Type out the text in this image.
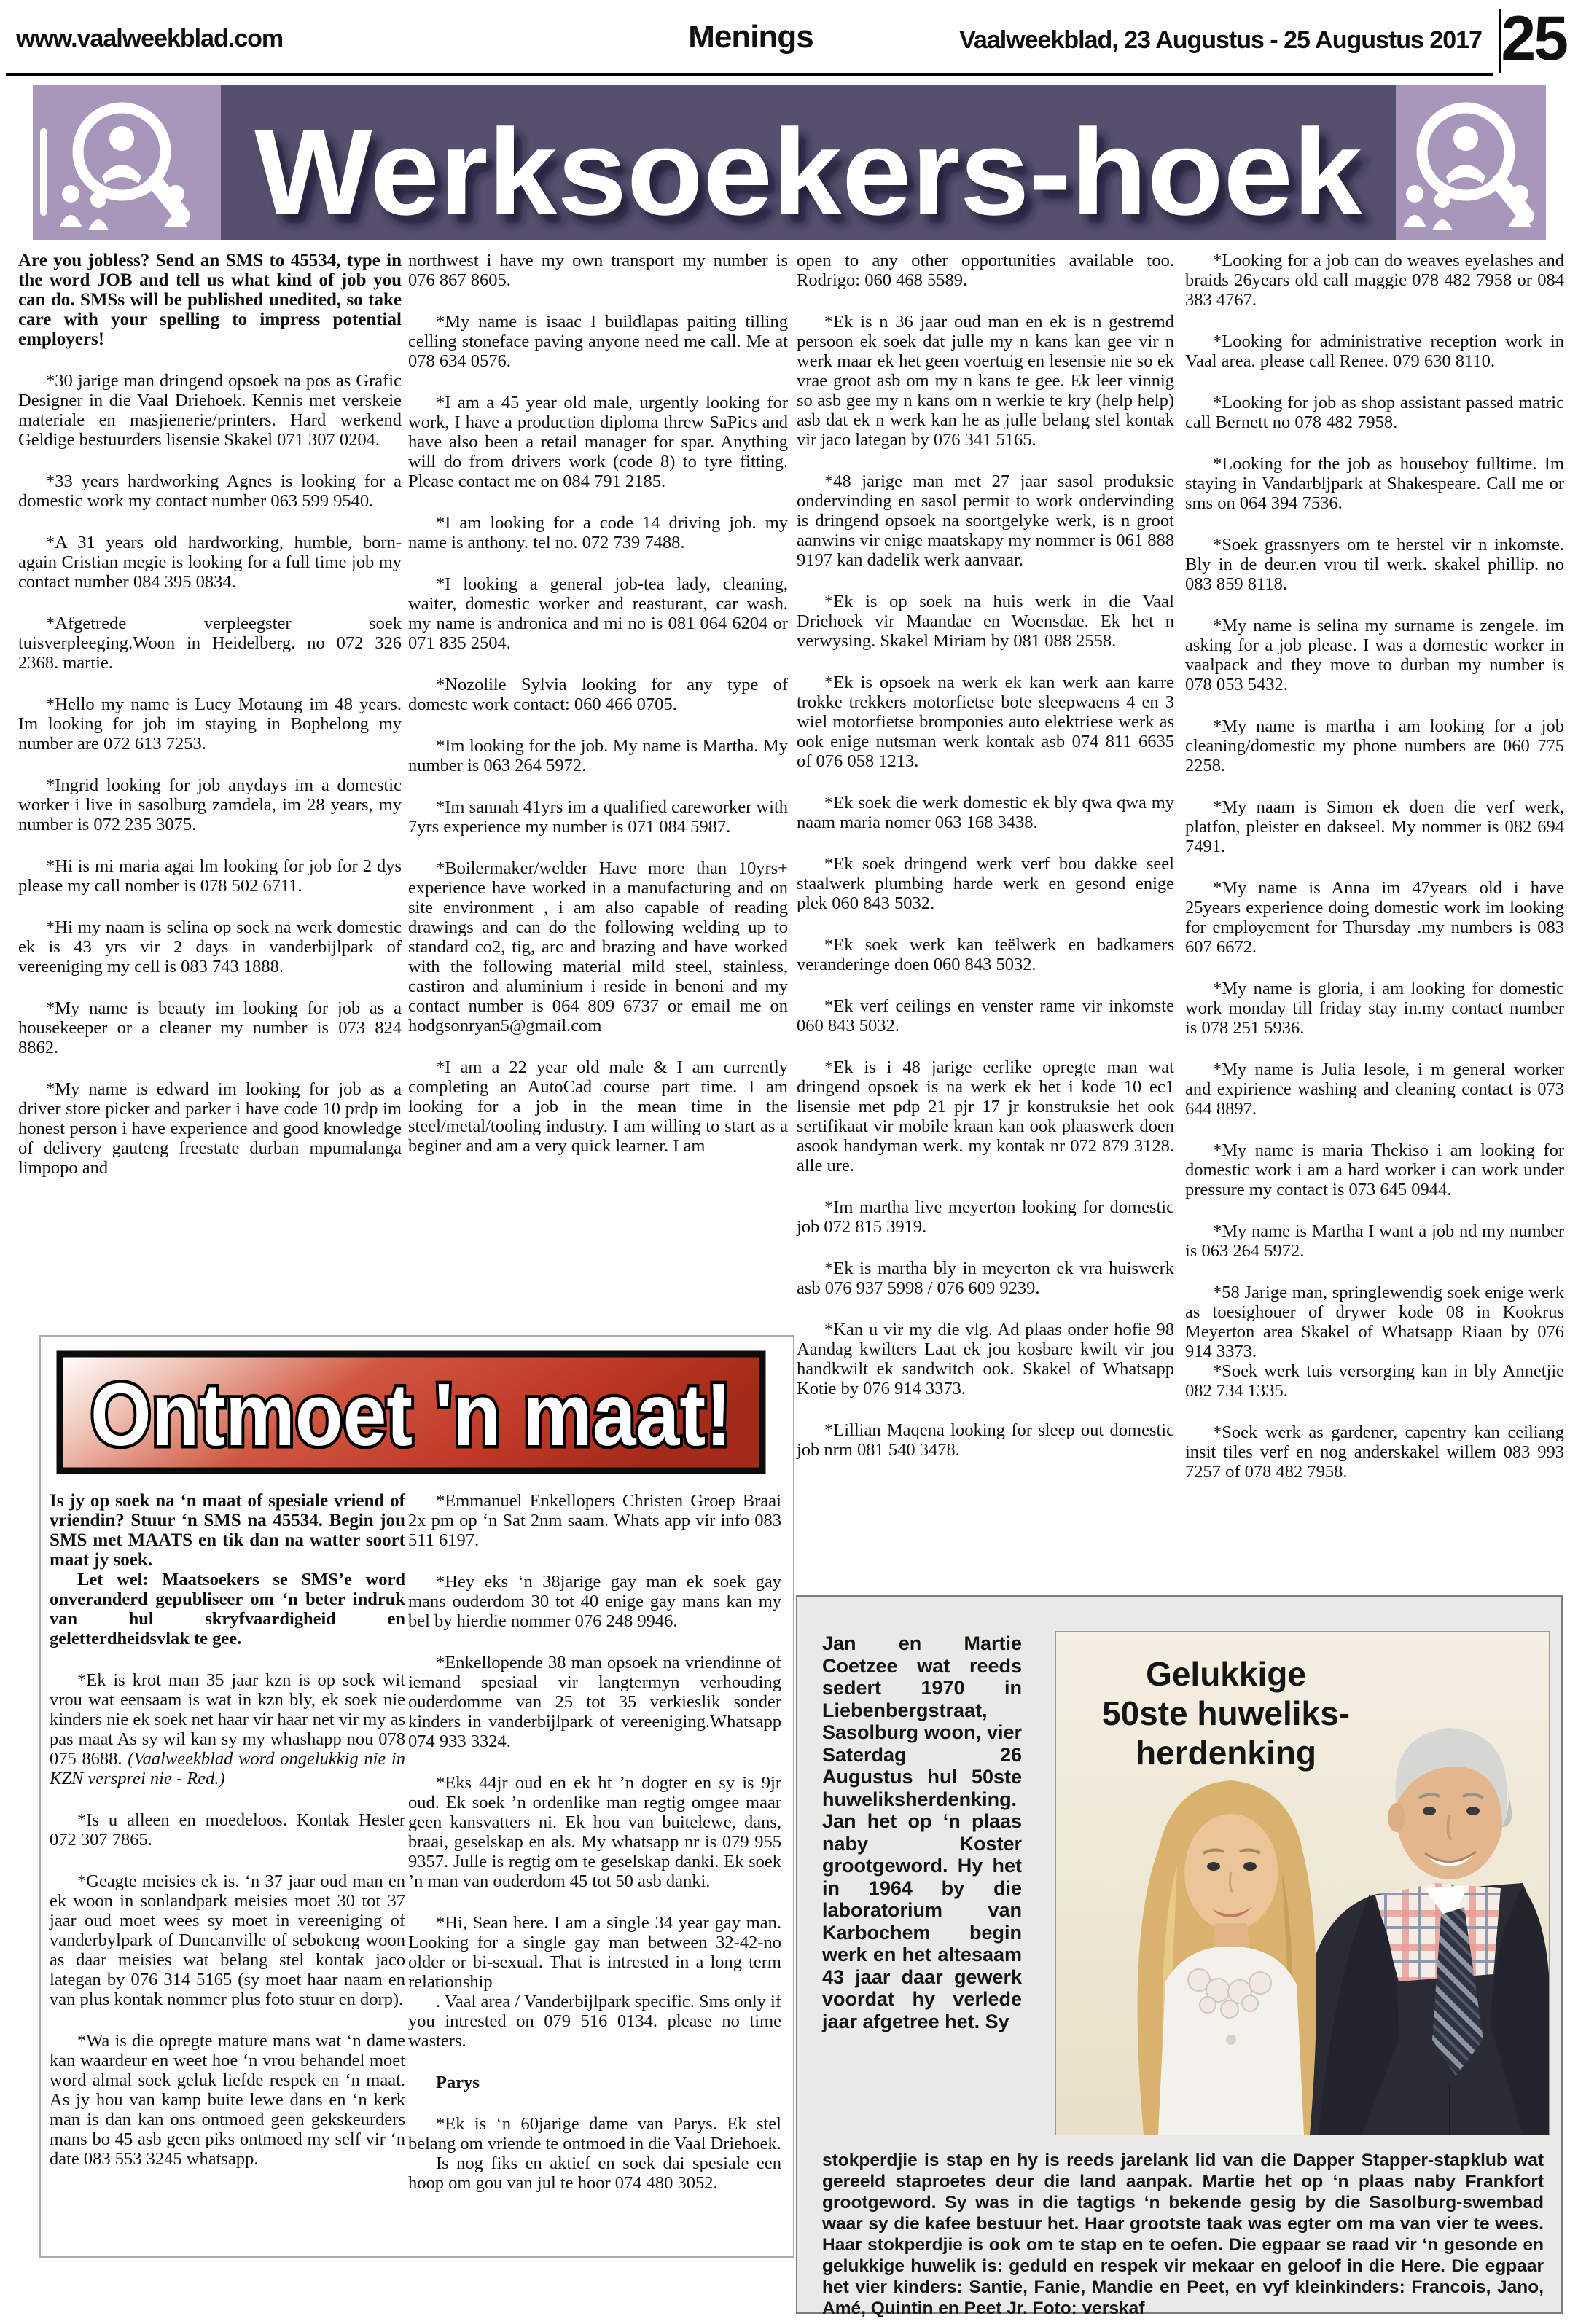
Menings
www.vaalweekblad.com	Vaalweekblad, 23 Augustus - 25 Augustus 2017 25
Werksoekers-hoek

Are you jobless? Send an SMS to 45534, type in the word JOB and tell us what kind of job you can do. SMSs will be published unedited, so take care with your spelling to impress potential employers!

*30 jarige man dringend opsoek na pos as Grafic Designer in die Vaal Driehoek. Kennis met verskeie materiale en masjienerie/printers. Hard werkend Geldige bestuurders lisensie Skakel 071 307 0204.

*33 years hardworking Agnes is looking for a domestic work my contact number 063 599 9540.

*A 31 years old hardworking, humble, born-again Cristian megie is looking for a full time job my contact number 084 395 0834.

*Afgetrede verpleegster soek tuisverpleeging.Woon in Heidelberg. no 072 326 2368. martie.

*Hello my name is Lucy Motaung im 48 years. Im looking for job im staying in Bophelong my number are 072 613 7253.

*Ingrid looking for job anydays im a domestic worker i live in sasolburg zamdela, im 28 years, my number is 072 235 3075.

*Hi is mi maria agai lm looking for job for 2 dys please my call nomber is 078 502 6711.

*Hi my naam is selina op soek na werk domestic ek is 43 yrs vir 2 days in vanderbijlpark of vereeniging my cell is 083 743 1888.

*My name is beauty im looking for job as a housekeeper or a cleaner my number is 073 824 8862.

*My name is edward im looking for job as a driver store picker and parker i have code 10 prdp im honest person i have experience and good knowledge of delivery gauteng freestate durban mpumalanga limpopo and

northwest i have my own transport my number is 076 867 8605.

*My name is isaac I buildlapas paiting tilling celling stoneface paving anyone need me call. Me at 078 634 0576.

*I am a 45 year old male, urgently looking for work, I have a production diploma threw SaPics and have also been a retail manager for spar. Anything will do from drivers work (code 8) to tyre fitting. Please contact me on 084 791 2185.

*I am looking for a code 14 driving job. my name is anthony. tel no. 072 739 7488.

*I looking a general job-tea lady, cleaning, waiter, domestic worker and reasturant, car wash. my name is andronica and mi no is 081 064 6204 or 071 835 2504.

*Nozolile Sylvia looking for any type of domestc work contact: 060 466 0705.

*Im looking for the job. My name is Martha. My number is 063 264 5972.

*Im sannah 41yrs im a qualified careworker with 7yrs experience my number is 071 084 5987.

*Boilermaker/welder Have more than 10yrs+ experience have worked in a manufacturing and on site environment , i am also capable of reading drawings and can do the following welding up to standard co2, tig, arc and brazing and have worked with the following material mild steel, stainless, castiron and aluminium i reside in benoni and my contact number is 064 809 6737 or email me on hodgsonryan5@gmail.com

*I am a 22 year old male & I am currently completing an AutoCad course part time. I am looking for a job in the mean time in the steel/metal/tooling industry. I am willing to start as a beginer and am a very quick learner. I am

open to any other opportunities available too. Rodrigo: 060 468 5589.

*Ek is n 36 jaar oud man en ek is n gestremd persoon ek soek dat julle my n kans kan gee vir n werk maar ek het geen voertuig en lesensie nie so ek vrae groot asb om my n kans te gee. Ek leer vinnig so asb gee my n kans om n werkie te kry (help help) asb dat ek n werk kan he as julle belang stel kontak vir jaco lategan by 076 341 5165.

*48 jarige man met 27 jaar sasol produksie ondervinding en sasol permit to work ondervinding is dringend opsoek na soortgelyke werk, is n groot aanwins vir enige maatskapy my nommer is 061 888 9197 kan dadelik werk aanvaar.

*Ek is op soek na huis werk in die Vaal Driehoek vir Maandae en Woensdae. Ek het n verwysing. Skakel Miriam by 081 088 2558.

*Ek is opsoek na werk ek kan werk aan karre trokke trekkers motorfietse bote sleepwaens 4 en 3 wiel motorfietse bromponies auto elektriese werk as ook enige nutsman werk kontak asb 074 811 6635 of 076 058 1213.

*Ek soek die werk domestic ek bly qwa qwa my naam maria nomer 063 168 3438.

*Ek soek dringend werk verf bou dakke seel staalwerk plumbing harde werk en gesond enige plek 060 843 5032.

*Ek soek werk kan teëlwerk en badkamers veranderinge doen 060 843 5032.

*Ek verf ceilings en venster rame vir inkomste 060 843 5032.

*Ek is i 48 jarige eerlike opregte man wat dringend opsoek is na werk ek het i kode 10 ec1 lisensie met pdp 21 pjr 17 jr konstruksie het ook sertifikaat vir mobile kraan kan ook plaaswerk doen asook handyman werk. my kontak nr 072 879 3128. alle ure.

*Im martha live meyerton looking for domestic job 072 815 3919.

*Ek is martha bly in meyerton ek vra huiswerk asb 076 937 5998 / 076 609 9239.

*Kan u vir my die vlg. Ad plaas onder hofie 98 Aandag kwilters Laat ek jou kosbare kwilt vir jou handkwilt ek sandwitch ook. Skakel of Whatsapp Kotie by 076 914 3373.

*Lillian Maqena looking for sleep out domestic job nrm 081 540 3478.

*Looking for a job can do weaves eyelashes and braids 26years old call maggie 078 482 7958 or 084 383 4767.

*Looking for administrative reception work in Vaal area. please call Renee. 079 630 8110.

*Looking for job as shop assistant passed matric call Bernett no 078 482 7958.

*Looking for the job as houseboy fulltime. Im staying in Vandarbljpark at Shakespeare. Call me or sms on 064 394 7536.

*Soek grassnyers om te herstel vir n inkomste. Bly in de deur.en vrou til werk. skakel phillip. no 083 859 8118.

*My name is selina my surname is zengele. im asking for a job please. I was a domestic worker in vaalpack and they move to durban my number is 078 053 5432.

*My name is martha i am looking for a job cleaning/domestic my phone numbers are 060 775 2258.

*My naam is Simon ek doen die verf werk, platfon, pleister en dakseel. My nommer is 082 694 7491.

*My name is Anna im 47years old i have 25years experience doing domestic work im looking for employement for Thursday .my numbers is 083 607 6672.

*My name is gloria, i am looking for domestic work monday till friday stay in.my contact number is 078 251 5936.

*My name is Julia lesole, i m general worker and expirience washing and cleaning contact is 073 644 8897.

*My name is maria Thekiso i am looking for domestic work i am a hard worker i can work under pressure my contact is 073 645 0944.

*My name is Martha I want a job nd my number is 063 264 5972.

*58 Jarige man, springlewendig soek enige werk as toesighouer of drywer kode 08 in Kookrus Meyerton area Skakel of Whatsapp Riaan by 076 914 3373.

*Soek werk tuis versorging kan in bly Annetjie 082 734 1335.

*Soek werk as gardener, capentry kan ceiliang insit tiles verf en nog anderskakel willem 083 993 7257 of 078 482 7958.

Ontmoet 'n maat!

Is jy op soek na ‘n maat of spesiale vriend of vriendin? Stuur ‘n SMS na 45534. Begin jou SMS met MAATS en tik dan na watter soort maat jy soek.

Let wel: Maatsoekers se SMS’e word onveranderd gepubliseer om ‘n beter indruk van hul skryfvaardigheid en geletterdheidsvlak te gee.

*Ek is krot man 35 jaar kzn is op soek wit vrou wat eensaam is wat in kzn bly, ek soek nie kinders nie ek soek net haar vir haar net vir my as pas maat As sy wil kan sy my whashapp nou 078 075 8688. (Vaalweekblad word ongelukkig nie in KZN versprei nie - Red.)

*Is u alleen en moedeloos. Kontak Hester 072 307 7865.

*Geagte meisies ek is. ‘n 37 jaar oud man en ek woon in sonlandpark meisies moet 30 tot 37 jaar oud moet wees sy moet in vereeniging of vanderbylpark of Duncanville of sebokeng woon as daar meisies wat belang stel kontak jaco lategan by 076 314 5165 (sy moet haar naam en van plus kontak nommer plus foto stuur en dorp).

*Wa is die opregte mature mans wat ‘n dame kan waardeur en weet hoe ‘n vrou behandel moet word almal soek geluk liefde respek en ‘n maat. As jy hou van kamp buite lewe dans en ‘n kerk man is dan kan ons ontmoed geen gekskeurders mans bo 45 asb geen piks ontmoed my self vir ‘n date 083 553 3245 whatsapp.

*Emmanuel Enkellopers Christen Groep Braai 2x pm op ‘n Sat 2nm saam. Whats app vir info 083 511 6197.

*Hey eks ‘n 38jarige gay man ek soek gay mans ouderdom 30 tot 40 enige gay mans kan my bel by hierdie nommer 076 248 9946.

*Enkellopende 38 man opsoek na vriendinne of iemand spesiaal vir langtermyn verhouding ouderdomme van 25 tot 35 verkieslik sonder kinders in vanderbijlpark of vereeniging.Whatsapp 074 933 3324.

*Eks 44jr oud en ek ht ’n dogter en sy is 9jr oud. Ek soek ’n ordenlike man regtig omgee maar geen kansvatters ni. Ek hou van buitelewe, dans, braai, geselskap en als. My whatsapp nr is 079 955 9357. Julle is regtig om te geselskap danki. Ek soek ’n man van ouderdom 45 tot 50 asb danki.

*Hi, Sean here. I am a single 34 year gay man. Looking for a single gay man between 32-42-no older or bi-sexual. That is intrested in a long term relationship

. Vaal area / Vanderbijlpark specific. Sms only if you intrested on 079 516 0134. please no time wasters.

Parys

*Ek is ‘n 60jarige dame van Parys. Ek stel belang om vriende te ontmoed in die Vaal Driehoek.

Is nog fiks en aktief en soek dai spesiale een hoop om gou van jul te hoor 074 480 3052.

Jan en Martie Coetzee wat reeds sedert 1970 in Liebenbergstraat, Sasolburg woon, vier Saterdag 26 Augustus hul 50ste huweliksherdenking. Jan het op ‘n plaas naby Koster grootgeword. Hy het in 1964 by die laboratorium van Karbochem begin werk en het altesaam 43 jaar daar gewerk voordat hy verlede jaar afgetree het. Sy
Gelukkige
50ste huweliks-
herdenking
stokperdjie is stap en hy is reeds jarelank lid van die Dapper Stapper-stapklub wat gereeld staproetes deur die land aanpak. Martie het op ‘n plaas naby Frankfort grootgeword. Sy was in die tagtigs ‘n bekende gesig by die Sasolburg-swembad waar sy die kafee bestuur het. Haar grootste taak was egter om ma van vier te wees. Haar stokperdjie is ook om te stap en te oefen. Die egpaar se raad vir ‘n gesonde en gelukkige huwelik is: geduld en respek vir mekaar en geloof in die Here. Die egpaar het vier kinders: Santie, Fanie, Mandie en Peet, en vyf kleinkinders: Francois, Jano, Amé, Quintin en Peet Jr. Foto: verskaf
